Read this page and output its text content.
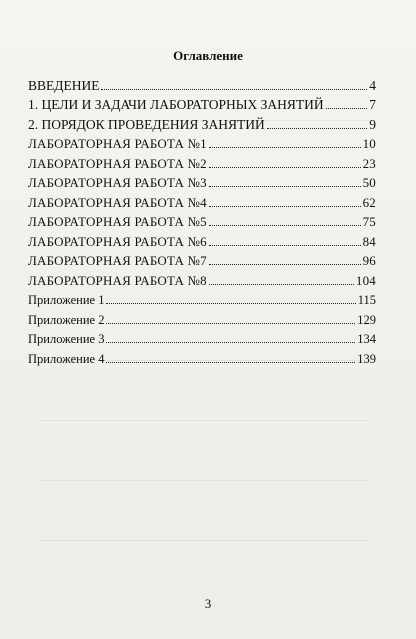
Оглавление
ВВЕДЕНИЕ	4
1. ЦЕЛИ И ЗАДАЧИ ЛАБОРАТОРНЫХ ЗАНЯТИЙ	7
2. ПОРЯДОК ПРОВЕДЕНИЯ ЗАНЯТИЙ	9
ЛАБОРАТОРНАЯ РАБОТА №1	10
ЛАБОРАТОРНАЯ РАБОТА №2	23
ЛАБОРАТОРНАЯ РАБОТА №3	50
ЛАБОРАТОРНАЯ РАБОТА №4	62
ЛАБОРАТОРНАЯ РАБОТА №5	75
ЛАБОРАТОРНАЯ РАБОТА №6	84
ЛАБОРАТОРНАЯ РАБОТА №7	96
ЛАБОРАТОРНАЯ РАБОТА №8	104
Приложение 1	115
Приложение 2	129
Приложение 3	134
Приложение 4	139
3
